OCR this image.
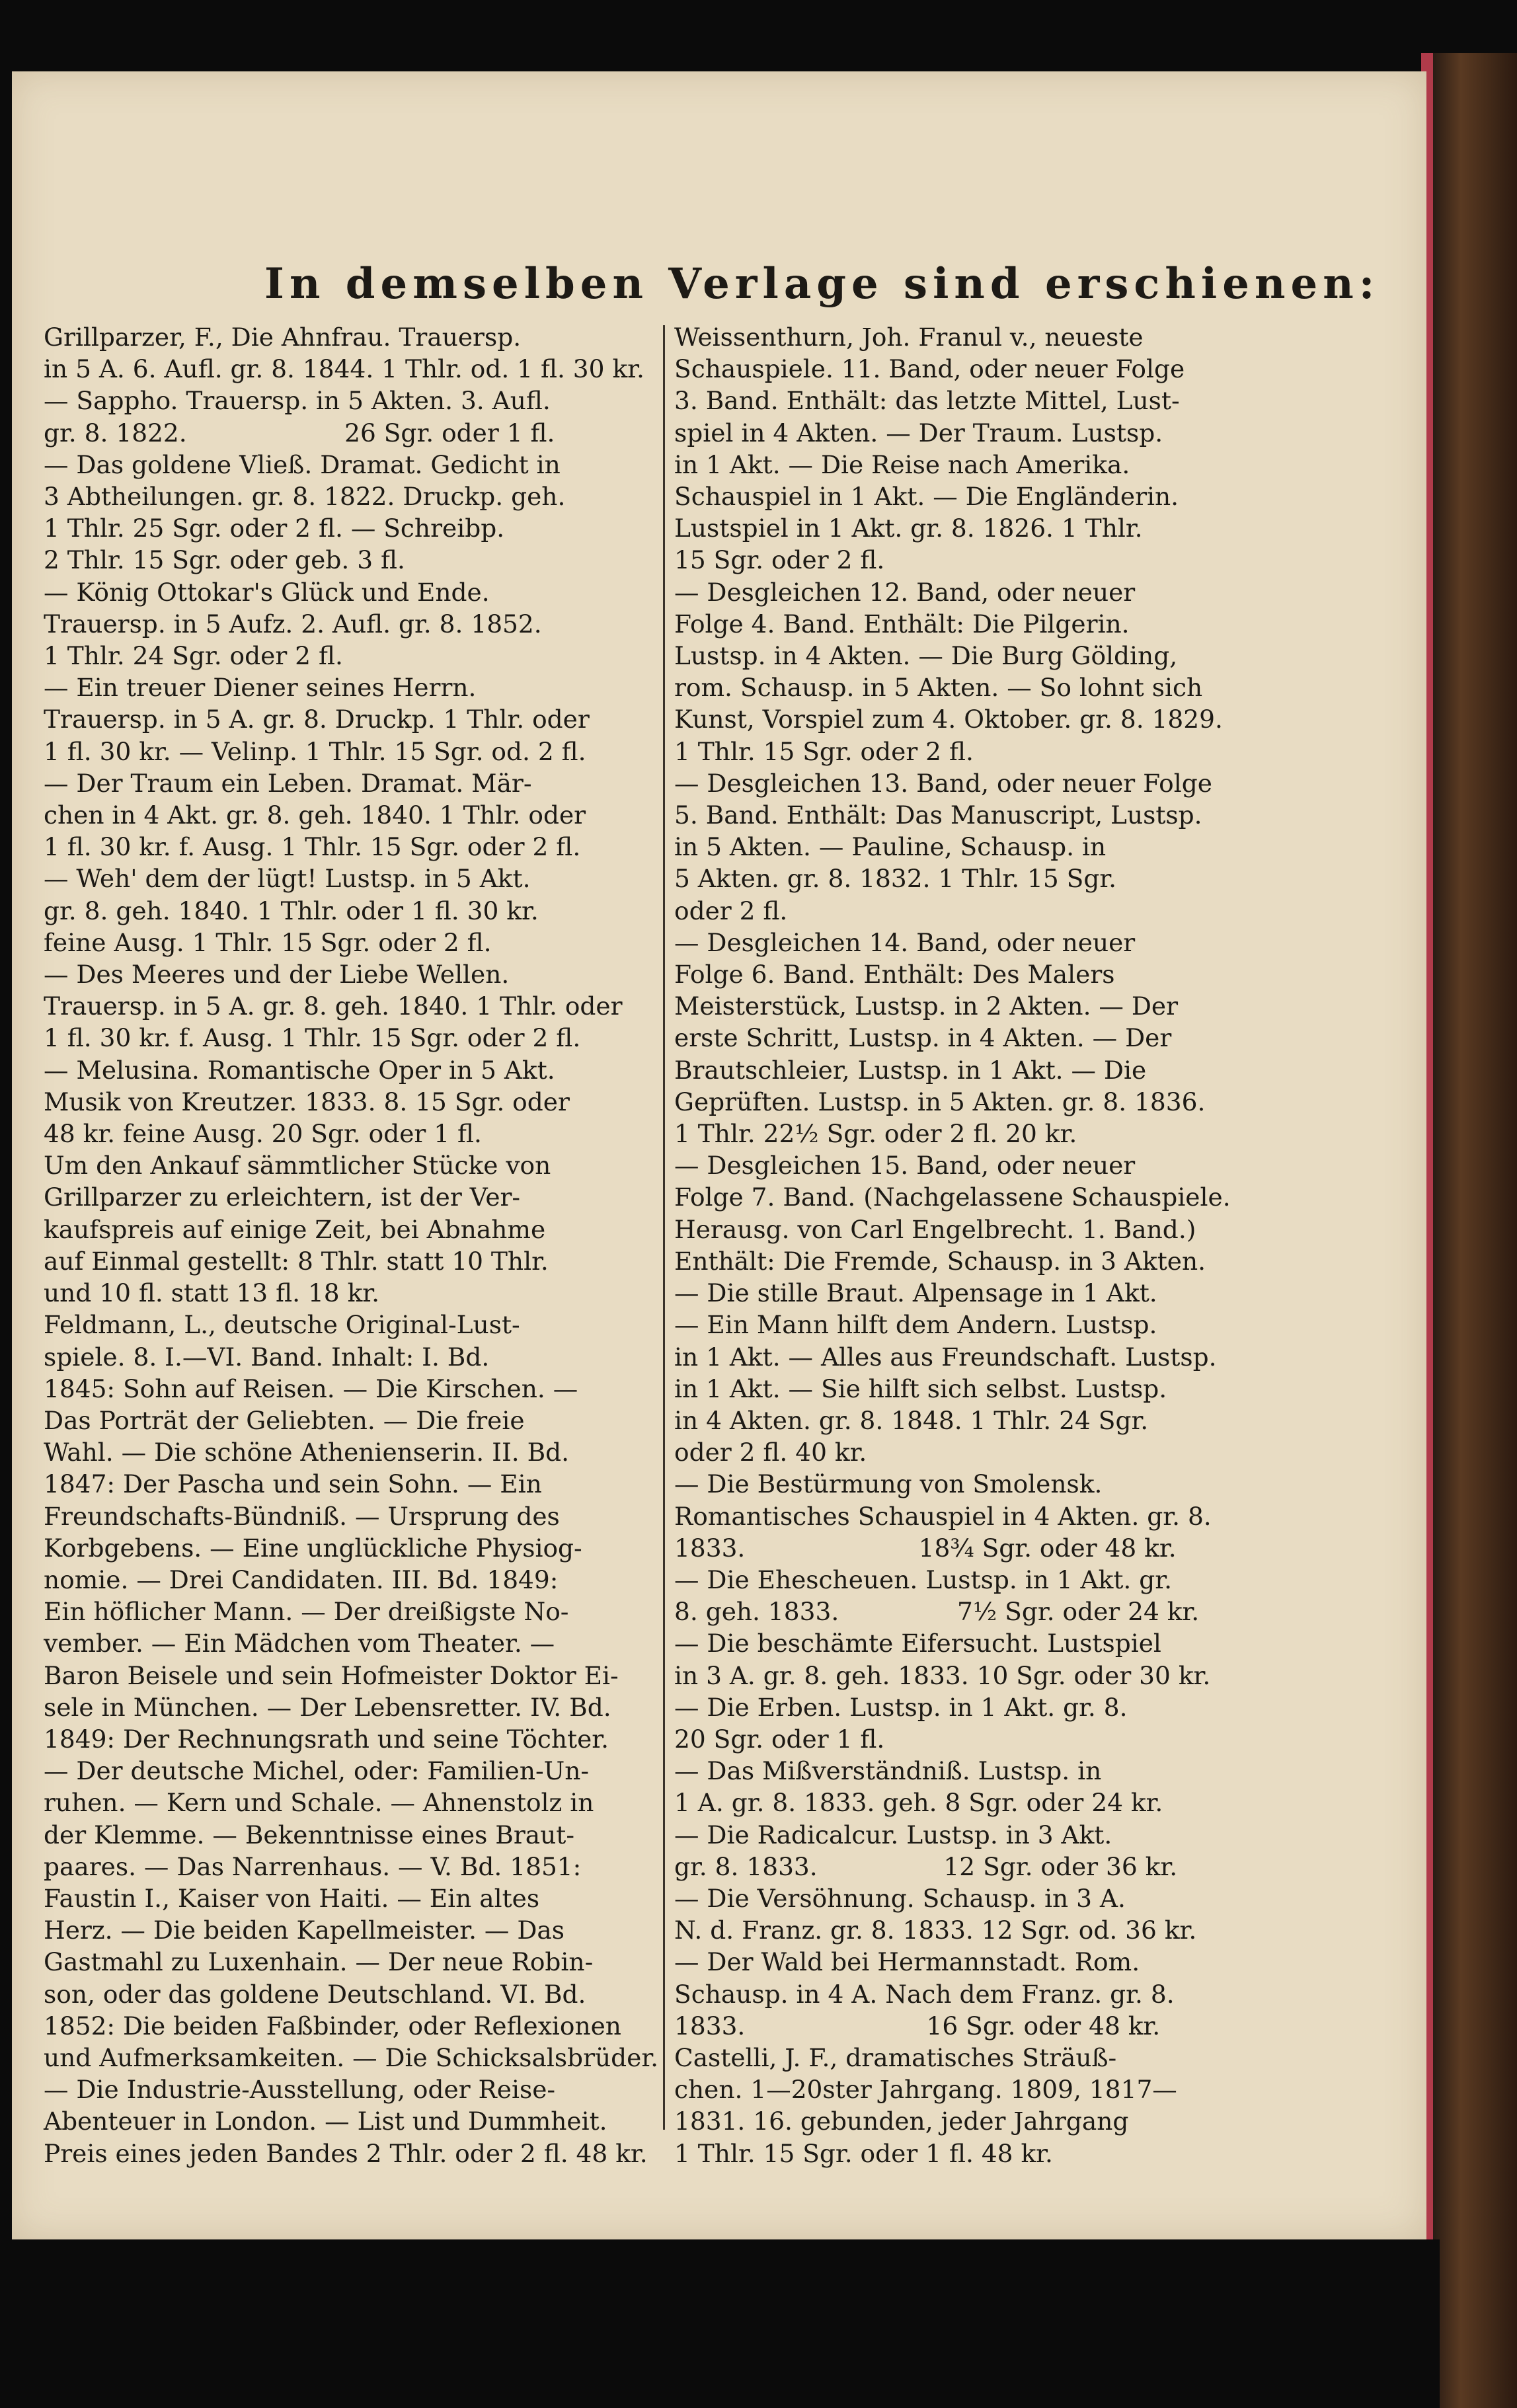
In demselben Verlage sind erschienen:

Grillparzer, F., Die Ahnfrau. Trauersp.

in 5 A. 6. Aufl. gr. 8. 1844. 1 Thlr. od. 1 fl. 30 kr.

— Sappho. Trauersp. in 5 Akten. 3. Aufl.

gr. 8. 1822.                    26 Sgr. oder 1 fl.

— Das goldene Vließ. Dramat. Gedicht in

3 Abtheilungen. gr. 8. 1822. Druckp. geh.

1 Thlr. 25 Sgr. oder 2 fl. — Schreibp.

2 Thlr. 15 Sgr. oder geb. 3 fl.

— König Ottokar's Glück und Ende.

Trauersp. in 5 Aufz. 2. Aufl. gr. 8. 1852.

1 Thlr. 24 Sgr. oder 2 fl.

— Ein treuer Diener seines Herrn.

Trauersp. in 5 A. gr. 8. Druckp. 1 Thlr. oder

1 fl. 30 kr. — Velinp. 1 Thlr. 15 Sgr. od. 2 fl.

— Der Traum ein Leben. Dramat. Mär-

chen in 4 Akt. gr. 8. geh. 1840. 1 Thlr. oder

1 fl. 30 kr. f. Ausg. 1 Thlr. 15 Sgr. oder 2 fl.

— Weh' dem der lügt! Lustsp. in 5 Akt.

gr. 8. geh. 1840. 1 Thlr. oder 1 fl. 30 kr.

feine Ausg. 1 Thlr. 15 Sgr. oder 2 fl.

— Des Meeres und der Liebe Wellen.

Trauersp. in 5 A. gr. 8. geh. 1840. 1 Thlr. oder

1 fl. 30 kr. f. Ausg. 1 Thlr. 15 Sgr. oder 2 fl.

— Melusina. Romantische Oper in 5 Akt.

Musik von Kreutzer. 1833. 8. 15 Sgr. oder

48 kr. feine Ausg. 20 Sgr. oder 1 fl.

Um den Ankauf sämmtlicher Stücke von

Grillparzer zu erleichtern, ist der Ver-

kaufspreis auf einige Zeit, bei Abnahme

auf Einmal gestellt: 8 Thlr. statt 10 Thlr.

und 10 fl. statt 13 fl. 18 kr.

Feldmann, L., deutsche Original-Lust-

spiele. 8. I.—VI. Band. Inhalt: I. Bd.

1845: Sohn auf Reisen. — Die Kirschen. —

Das Porträt der Geliebten. — Die freie

Wahl. — Die schöne Athenienserin. II. Bd.

1847: Der Pascha und sein Sohn. — Ein

Freundschafts-Bündniß. — Ursprung des

Korbgebens. — Eine unglückliche Physiog-

nomie. — Drei Candidaten. III. Bd. 1849:

Ein höflicher Mann. — Der dreißigste No-

vember. — Ein Mädchen vom Theater. —

Baron Beisele und sein Hofmeister Doktor Ei-

sele in München. — Der Lebensretter. IV. Bd.

1849: Der Rechnungsrath und seine Töchter.

— Der deutsche Michel, oder: Familien-Un-

ruhen. — Kern und Schale. — Ahnenstolz in

der Klemme. — Bekenntnisse eines Braut-

paares. — Das Narrenhaus. — V. Bd. 1851:

Faustin I., Kaiser von Haiti. — Ein altes

Herz. — Die beiden Kapellmeister. — Das

Gastmahl zu Luxenhain. — Der neue Robin-

son, oder das goldene Deutschland. VI. Bd.

1852: Die beiden Faßbinder, oder Reflexionen

und Aufmerksamkeiten. — Die Schicksalsbrüder.

— Die Industrie-Ausstellung, oder Reise-

Abenteuer in London. — List und Dummheit.

Preis eines jeden Bandes 2 Thlr. oder 2 fl. 48 kr.

Weissenthurn, Joh. Franul v., neueste

Schauspiele. 11. Band, oder neuer Folge

3. Band. Enthält: das letzte Mittel, Lust-

spiel in 4 Akten. — Der Traum. Lustsp.

in 1 Akt. — Die Reise nach Amerika.

Schauspiel in 1 Akt. — Die Engländerin.

Lustspiel in 1 Akt. gr. 8. 1826. 1 Thlr.

15 Sgr. oder 2 fl.

— Desgleichen 12. Band, oder neuer

Folge 4. Band. Enthält: Die Pilgerin.

Lustsp. in 4 Akten. — Die Burg Gölding,

rom. Schausp. in 5 Akten. — So lohnt sich

Kunst, Vorspiel zum 4. Oktober. gr. 8. 1829.

1 Thlr. 15 Sgr. oder 2 fl.

— Desgleichen 13. Band, oder neuer Folge

5. Band. Enthält: Das Manuscript, Lustsp.

in 5 Akten. — Pauline, Schausp. in

5 Akten. gr. 8. 1832. 1 Thlr. 15 Sgr.

oder 2 fl.

— Desgleichen 14. Band, oder neuer

Folge 6. Band. Enthält: Des Malers

Meisterstück, Lustsp. in 2 Akten. — Der

erste Schritt, Lustsp. in 4 Akten. — Der

Brautschleier, Lustsp. in 1 Akt. — Die

Geprüften. Lustsp. in 5 Akten. gr. 8. 1836.

1 Thlr. 22½ Sgr. oder 2 fl. 20 kr.

— Desgleichen 15. Band, oder neuer

Folge 7. Band. (Nachgelassene Schauspiele.

Herausg. von Carl Engelbrecht. 1. Band.)

Enthält: Die Fremde, Schausp. in 3 Akten.

— Die stille Braut. Alpensage in 1 Akt.

— Ein Mann hilft dem Andern. Lustsp.

in 1 Akt. — Alles aus Freundschaft. Lustsp.

in 1 Akt. — Sie hilft sich selbst. Lustsp.

in 4 Akten. gr. 8. 1848. 1 Thlr. 24 Sgr.

oder 2 fl. 40 kr.

— Die Bestürmung von Smolensk.

Romantisches Schauspiel in 4 Akten. gr. 8.

1833.                      18¾ Sgr. oder 48 kr.

— Die Ehescheuen. Lustsp. in 1 Akt. gr.

8. geh. 1833.               7½ Sgr. oder 24 kr.

— Die beschämte Eifersucht. Lustspiel

in 3 A. gr. 8. geh. 1833. 10 Sgr. oder 30 kr.

— Die Erben. Lustsp. in 1 Akt. gr. 8.

20 Sgr. oder 1 fl.

— Das Mißverständniß. Lustsp. in

1 A. gr. 8. 1833. geh. 8 Sgr. oder 24 kr.

— Die Radicalcur. Lustsp. in 3 Akt.

gr. 8. 1833.                12 Sgr. oder 36 kr.

— Die Versöhnung. Schausp. in 3 A.

N. d. Franz. gr. 8. 1833. 12 Sgr. od. 36 kr.

— Der Wald bei Hermannstadt. Rom.

Schausp. in 4 A. Nach dem Franz. gr. 8.

1833.                       16 Sgr. oder 48 kr.

Castelli, J. F., dramatisches Sträuß-

chen. 1—20ster Jahrgang. 1809, 1817—

1831. 16. gebunden, jeder Jahrgang

1 Thlr. 15 Sgr. oder 1 fl. 48 kr.
